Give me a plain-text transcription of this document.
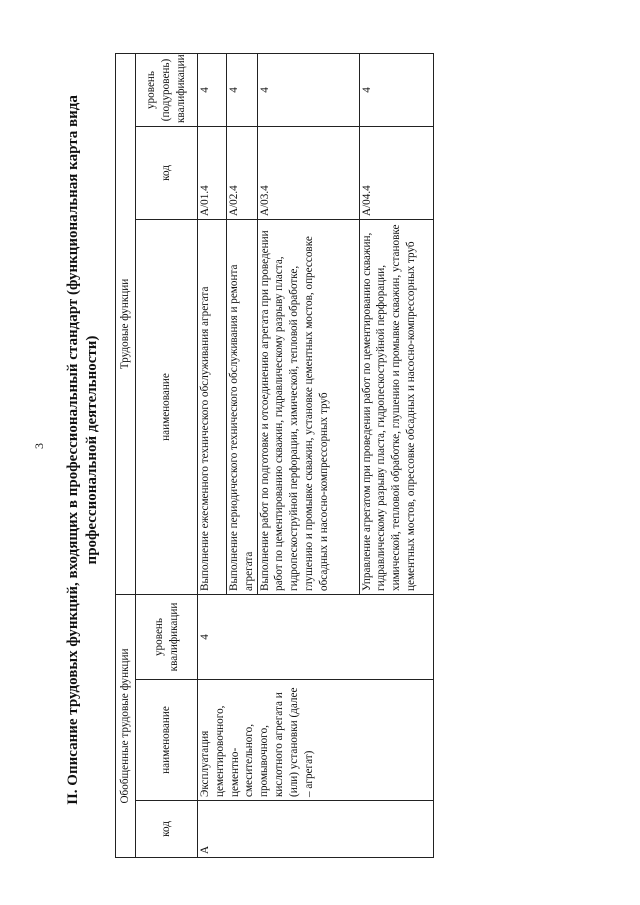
3 II. Описание трудовых функций, входящих в профессиональный стандарт (функциональная карта вида профессиональной деятельности)
Обобщенные трудовые функции			Трудовые функции		
код	наименование	уровень квалификации	наименование	код	уровень (подуровень) квалификации
А	Эксплуатация цементировочного, цементно-смесительного, промывочного, кислотного агрегата и (или) установки (далее – агрегат)	4	Выполнение ежесменного технического обслуживания агрегата	А/01.4	4
			Выполнение периодического технического обслуживания и ремонта агрегата	А/02.4	4
			Выполнение работ по подготовке и отсоединению агрегата при проведении работ по цементированию скважин, гидравлическому разрыву пласта, гидропескоструйной перфорации, химической, тепловой обработке, глушению и промывке скважин, установке цементных мостов, опрессовке обсадных и насосно-компрессорных труб	А/03.4	4
			Управление агрегатом при проведении работ по цементированию скважин, гидравлическому разрыву пласта, гидропескоструйной перфорации, химической, тепловой обработке, глушению и промывке скважин, установке цементных мостов, опрессовке обсадных и насосно-компрессорных труб	А/04.4	4
